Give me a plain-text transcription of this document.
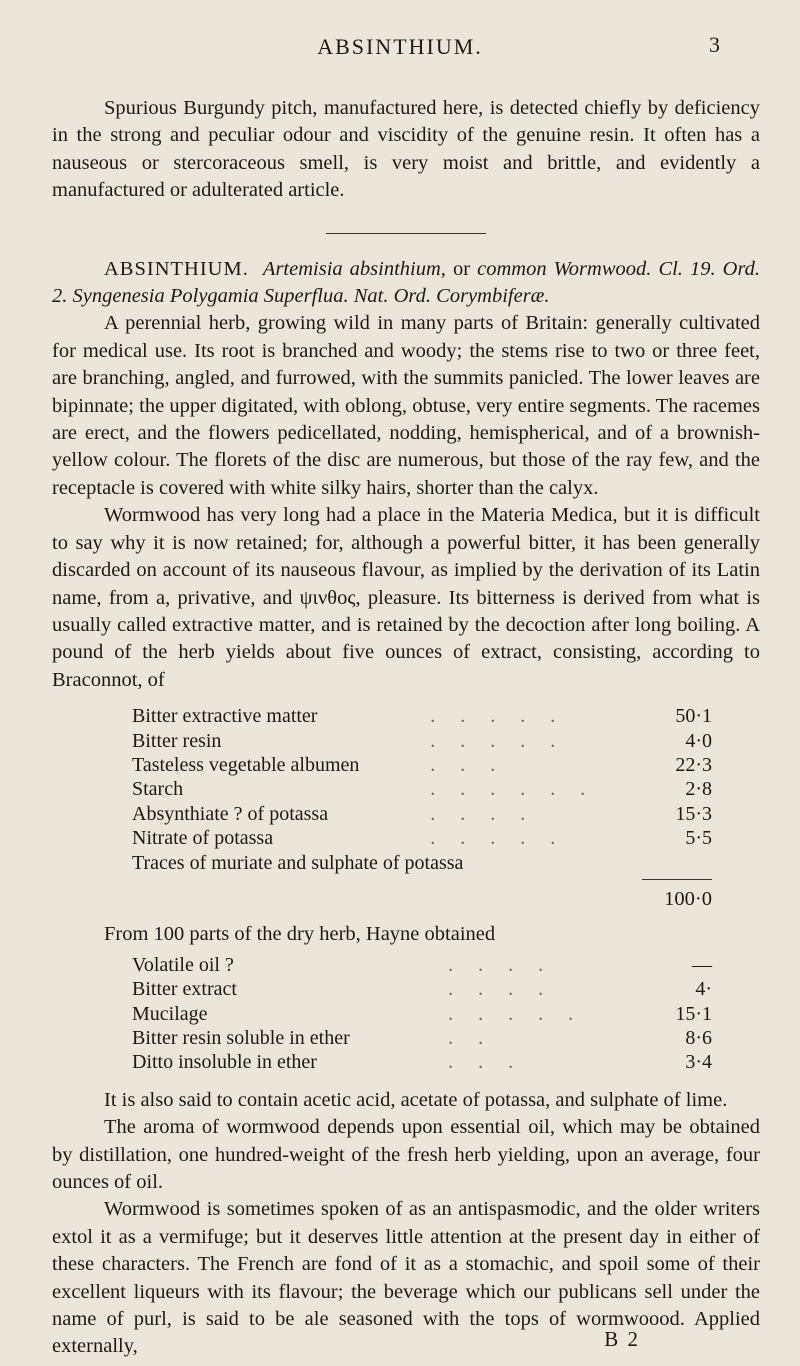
ABSINTHIUM.	3

Spurious Burgundy pitch, manufactured here, is detected chiefly by deficiency in the strong and peculiar odour and viscidity of the genuine resin. It often has a nauseous or stercoraceous smell, is very moist and brittle, and evidently a manufactured or adulterated article.

ABSINTHIUM. Artemisia absinthium, or common Wormwood. Cl. 19. Ord. 2. Syngenesia Polygamia Superflua. Nat. Ord. Corymbiferæ.

A perennial herb, growing wild in many parts of Britain: generally cultivated for medical use. Its root is branched and woody; the stems rise to two or three feet, are branching, angled, and furrowed, with the summits panicled. The lower leaves are bipinnate; the upper digitated, with oblong, obtuse, very entire segments. The racemes are erect, and the flowers pedicellated, nodding, hemispherical, and of a brownish-yellow colour. The florets of the disc are numerous, but those of the ray few, and the receptacle is covered with white silky hairs, shorter than the calyx.

Wormwood has very long had a place in the Materia Medica, but it is difficult to say why it is now retained; for, although a powerful bitter, it has been generally discarded on account of its nauseous flavour, as implied by the derivation of its Latin name, from a, privative, and ψινθος, pleasure. Its bitterness is derived from what is usually called extractive matter, and is retained by the decoction after long boiling. A pound of the herb yields about five ounces of extract, consisting, according to Braconnot, of

Bitter extractive matter	. . . . .	50·1
Bitter resin	. . . . .	4·0
Tasteless vegetable albumen	. . .	22·3
Starch	. . . . . .	2·8
Absynthiate ? of potassa	. . . .	15·3
Nitrate of potassa	. . . . .	5·5
Traces of muriate and sulphate of potassa		
100·0

From 100 parts of the dry herb, Hayne obtained

Volatile oil ?	. . . .	—
Bitter extract	. . . .	4·
Mucilage	. . . . .	15·1
Bitter resin soluble in ether	. .	8·6
Ditto insoluble in ether	. . .	3·4

It is also said to contain acetic acid, acetate of potassa, and sulphate of lime.

The aroma of wormwood depends upon essential oil, which may be obtained by distillation, one hundred-weight of the fresh herb yielding, upon an average, four ounces of oil.

Wormwood is sometimes spoken of as an antispasmodic, and the older writers extol it as a vermifuge; but it deserves little attention at the present day in either of these characters. The French are fond of it as a stomachic, and spoil some of their excellent liqueurs with its flavour; the beverage which our publicans sell under the name of purl, is said to be ale seasoned with the tops of wormwoood. Applied externally,	B 2
